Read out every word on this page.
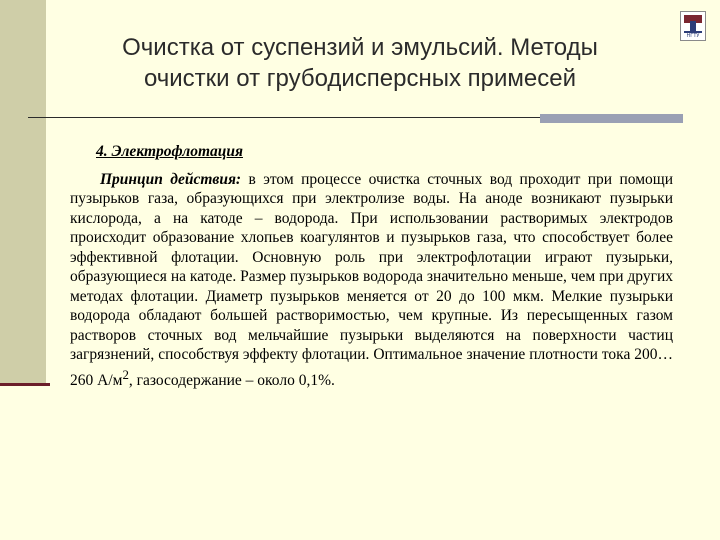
НГТУ
Очистка от суспензий и эмульсий. Методы
очистки от грубодисперсных примесей
4. Электрофлотация

Принцип действия: в этом процессе очистка сточных вод проходит при помощи пузырьков газа, образующихся при электролизе воды. На аноде возникают пузырьки кислорода, а на катоде – водорода. При использовании растворимых электродов происходит образование хлопьев коагулянтов и пузырьков газа, что способствует более эффективной флотации. Основную роль при электрофлотации играют пузырьки, образующиеся на катоде. Размер пузырьков водорода значительно меньше, чем при других методах флотации. Диаметр пузырьков меняется от 20 до 100 мкм. Мелкие пузырьки водорода обладают большей растворимостью, чем крупные. Из пересыщенных газом растворов сточных вод мельчайшие пузырьки выделяются на поверхности частиц загрязнений, способствуя эффекту флотации. Оптимальное значение плотности тока 200…260 $А/м^2$, газосодержание – около 0,1%.
